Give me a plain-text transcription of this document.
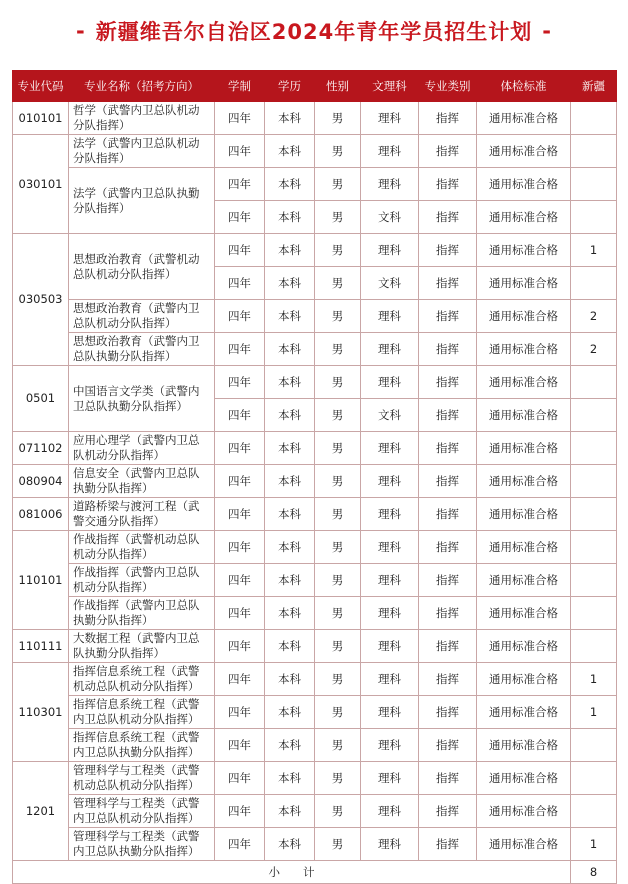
- 新疆维吾尔自治区2024年青年学员招生计划 -
专业代码	专业名称（招考方向）	学制	学历	性别	文理科	专业类别	体检标准	新疆
010101	哲学（武警内卫总队机动分队指挥）	四年	本科	男	理科	指挥	通用标准合格	
030101	法学（武警内卫总队机动分队指挥）	四年	本科	男	理科	指挥	通用标准合格	
	法学（武警内卫总队执勤分队指挥）	四年	本科	男	理科	指挥	通用标准合格	
		四年	本科	男	文科	指挥	通用标准合格	
030503	思想政治教育（武警机动总队机动分队指挥）	四年	本科	男	理科	指挥	通用标准合格	1
		四年	本科	男	文科	指挥	通用标准合格	
	思想政治教育（武警内卫总队机动分队指挥）	四年	本科	男	理科	指挥	通用标准合格	2
	思想政治教育（武警内卫总队执勤分队指挥）	四年	本科	男	理科	指挥	通用标准合格	2
0501	中国语言文学类（武警内卫总队执勤分队指挥）	四年	本科	男	理科	指挥	通用标准合格	
		四年	本科	男	文科	指挥	通用标准合格	
071102	应用心理学（武警内卫总队机动分队指挥）	四年	本科	男	理科	指挥	通用标准合格	
080904	信息安全（武警内卫总队执勤分队指挥）	四年	本科	男	理科	指挥	通用标准合格	
081006	道路桥梁与渡河工程（武警交通分队指挥）	四年	本科	男	理科	指挥	通用标准合格	
110101	作战指挥（武警机动总队机动分队指挥）	四年	本科	男	理科	指挥	通用标准合格	
	作战指挥（武警内卫总队机动分队指挥）	四年	本科	男	理科	指挥	通用标准合格	
	作战指挥（武警内卫总队执勤分队指挥）	四年	本科	男	理科	指挥	通用标准合格	
110111	大数据工程（武警内卫总队执勤分队指挥）	四年	本科	男	理科	指挥	通用标准合格	
110301	指挥信息系统工程（武警机动总队机动分队指挥）	四年	本科	男	理科	指挥	通用标准合格	1
	指挥信息系统工程（武警内卫总队机动分队指挥）	四年	本科	男	理科	指挥	通用标准合格	1
	指挥信息系统工程（武警内卫总队执勤分队指挥）	四年	本科	男	理科	指挥	通用标准合格	
1201	管理科学与工程类（武警机动总队机动分队指挥）	四年	本科	男	理科	指挥	通用标准合格	
	管理科学与工程类（武警内卫总队机动分队指挥）	四年	本科	男	理科	指挥	通用标准合格	
	管理科学与工程类（武警内卫总队执勤分队指挥）	四年	本科	男	理科	指挥	通用标准合格	1
小　　计								8
